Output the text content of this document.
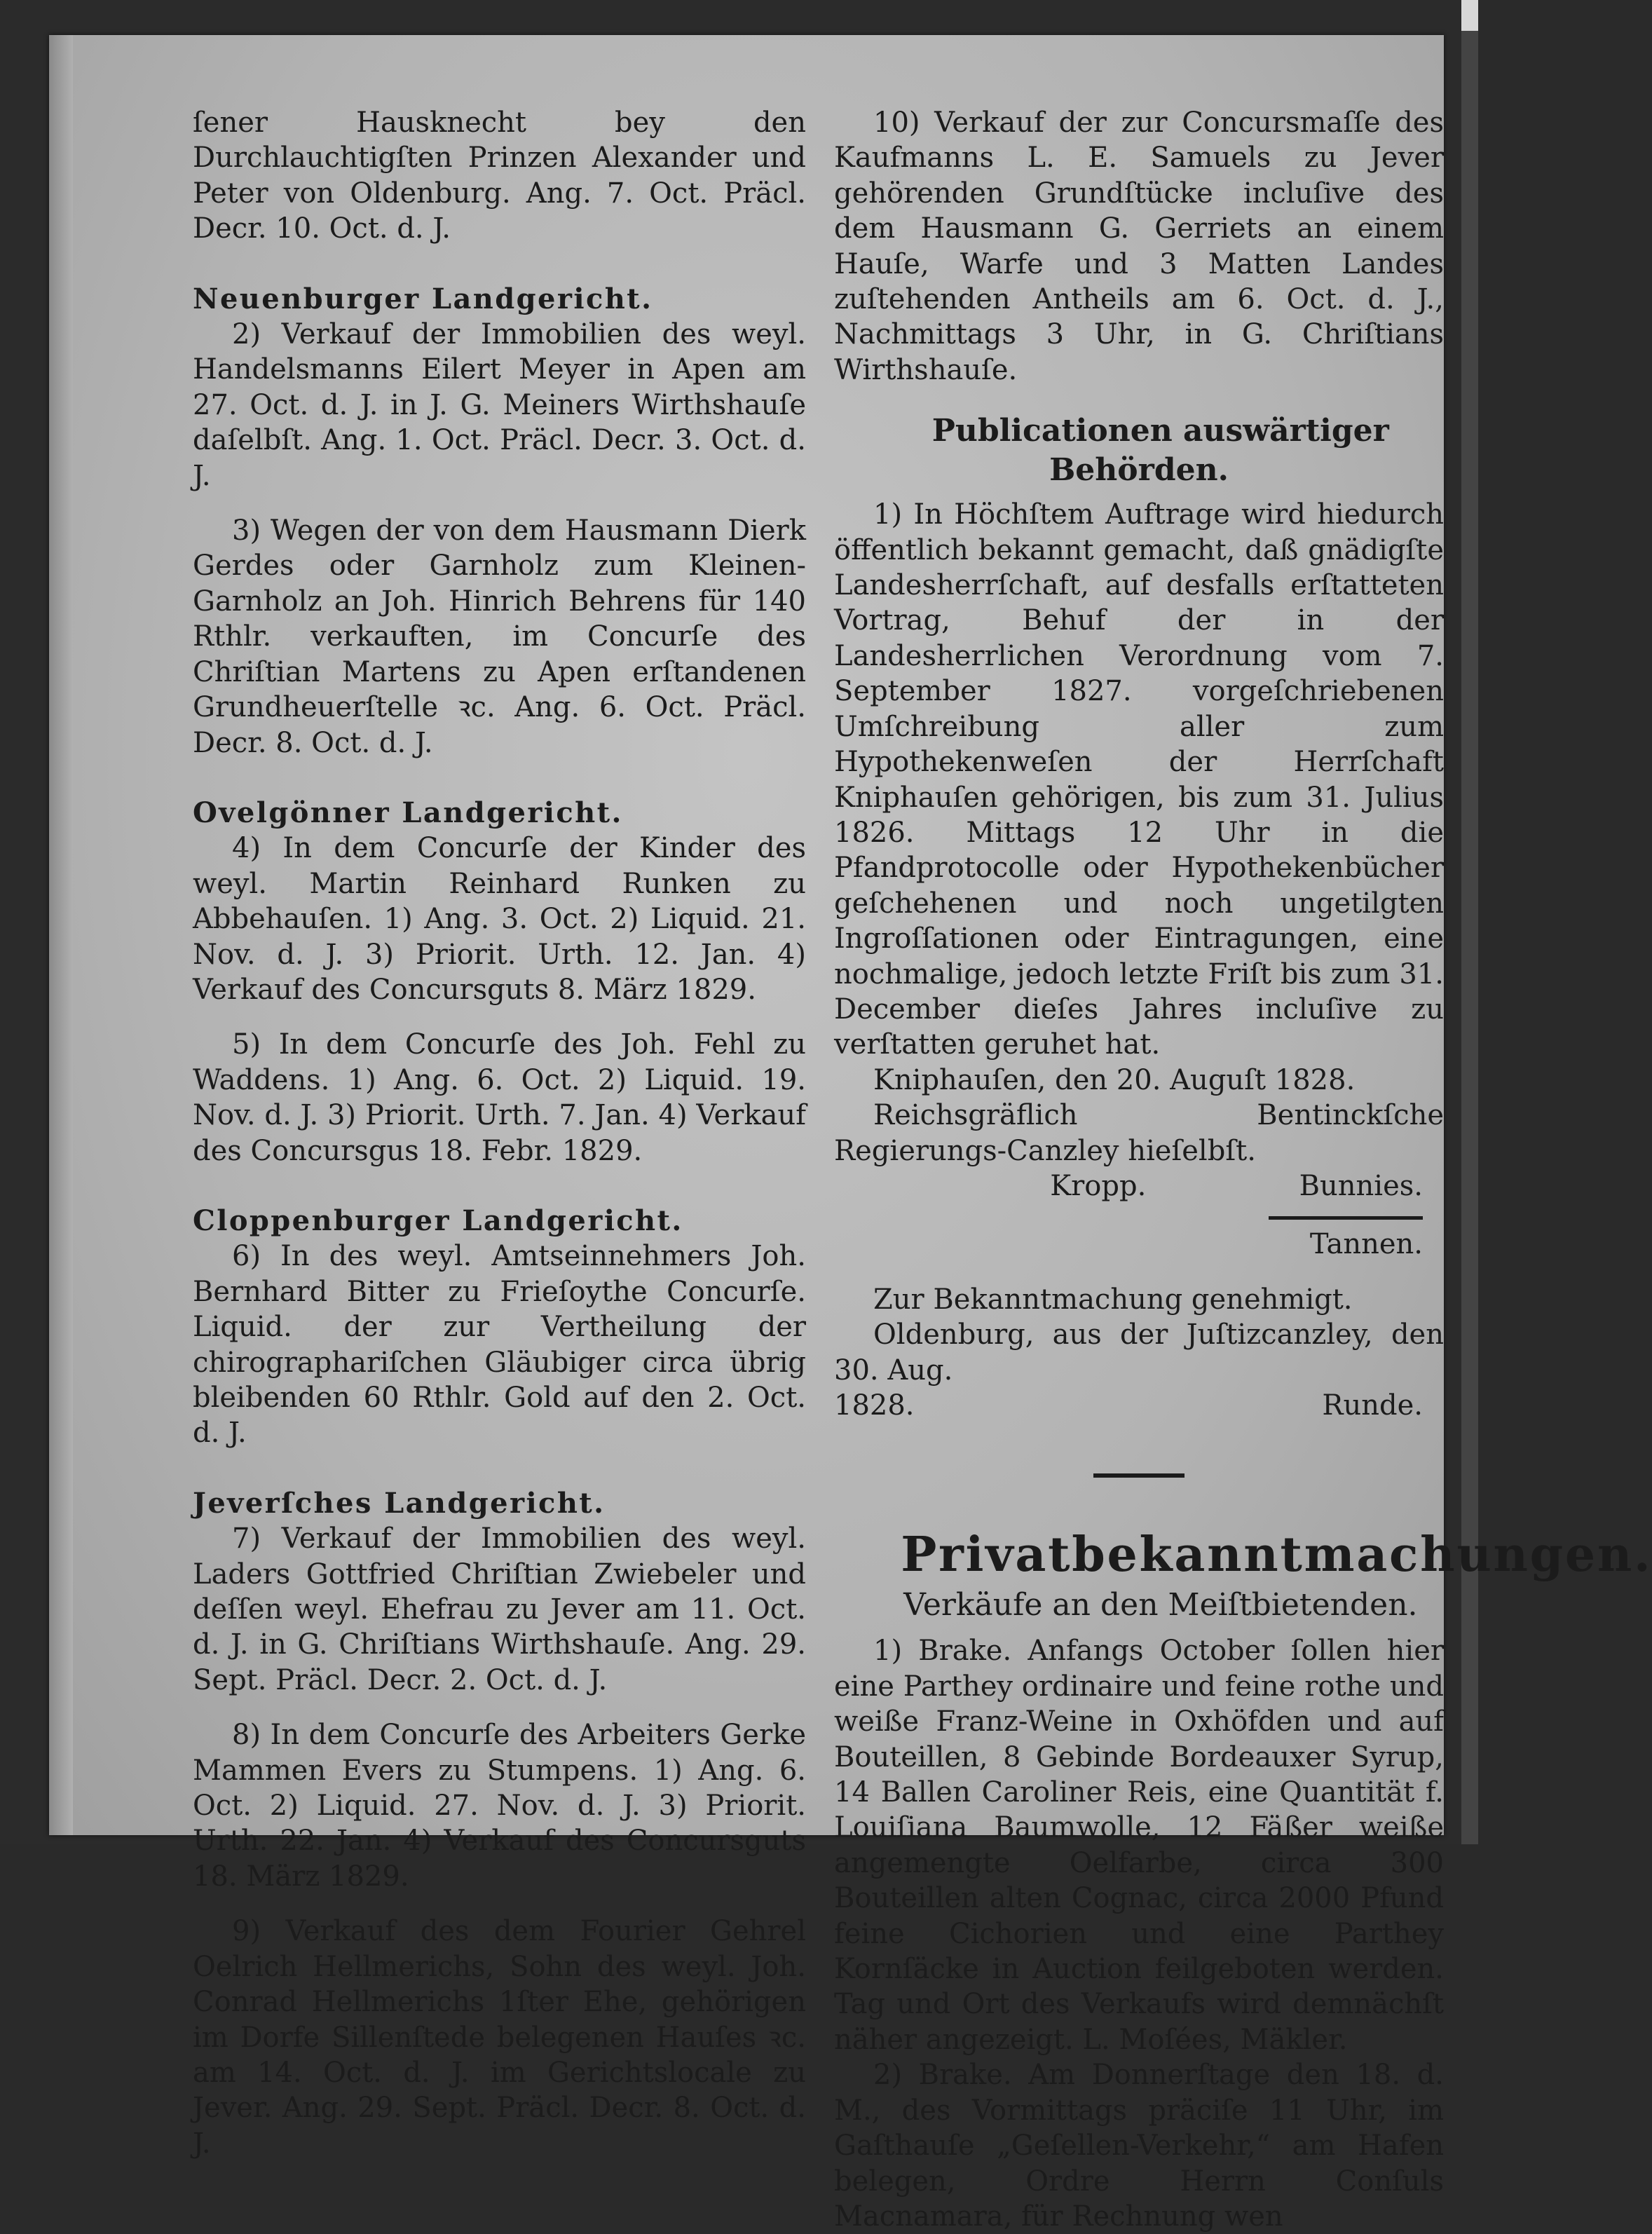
ſener Hausknecht bey den Durchlauchtigſten Prinzen Alexander und Peter von Oldenburg. Ang. 7. Oct. Präcl. Decr. 10. Oct. d. J.

Neuenburger Landgericht.

2) Verkauf der Immobilien des weyl. Handelsmanns Eilert Meyer in Apen am 27. Oct. d. J. in J. G. Meiners Wirthshauſe daſelbſt. Ang. 1. Oct. Präcl. Decr. 3. Oct. d. J.

3) Wegen der von dem Hausmann Dierk Gerdes oder Garnholz zum Kleinen-Garnholz an Joh. Hinrich Behrens für 140 Rthlr. verkauften, im Concurſe des Chriſtian Martens zu Apen erſtandenen Grundheuerſtelle ꝛc. Ang. 6. Oct. Präcl. Decr. 8. Oct. d. J.

Ovelgönner Landgericht.

4) In dem Concurſe der Kinder des weyl. Martin Reinhard Runken zu Abbehauſen. 1) Ang. 3. Oct. 2) Liquid. 21. Nov. d. J. 3) Priorit. Urth. 12. Jan. 4) Verkauf des Concursguts 8. März 1829.

5) In dem Concurſe des Joh. Fehl zu Waddens. 1) Ang. 6. Oct. 2) Liquid. 19. Nov. d. J. 3) Priorit. Urth. 7. Jan. 4) Verkauf des Concursgus 18. Febr. 1829.

Cloppenburger Landgericht.

6) In des weyl. Amtseinnehmers Joh. Bernhard Bitter zu Frieſoythe Concurſe. Liquid. der zur Vertheilung der chirographariſchen Gläubiger circa übrig bleibenden 60 Rthlr. Gold auf den 2. Oct. d. J.

Jeverſches Landgericht.

7) Verkauf der Immobilien des weyl. Laders Gottfried Chriſtian Zwiebeler und deſſen weyl. Ehefrau zu Jever am 11. Oct. d. J. in G. Chriſtians Wirthshauſe. Ang. 29. Sept. Präcl. Decr. 2. Oct. d. J.

8) In dem Concurſe des Arbeiters Gerke Mammen Evers zu Stumpens. 1) Ang. 6. Oct. 2) Liquid. 27. Nov. d. J. 3) Priorit. Urth. 22. Jan. 4) Verkauf des Concursguts 18. März 1829.

9) Verkauf des dem Fourier Gehrel Oelrich Hellmerichs, Sohn des weyl. Joh. Conrad Hellmerichs 1ſter Ehe, gehörigen im Dorfe Sillenſtede belegenen Hauſes ꝛc. am 14. Oct. d. J. im Gerichtslocale zu Jever. Ang. 29. Sept. Präcl. Decr. 8. Oct. d. J.

10) Verkauf der zur Concursmaſſe des Kaufmanns L. E. Samuels zu Jever gehörenden Grundſtücke incluſive des dem Hausmann G. Gerriets an einem Hauſe, Warfe und 3 Matten Landes zuſtehenden Antheils am 6. Oct. d. J., Nachmittags 3 Uhr, in G. Chriſtians Wirthshauſe.

Publicationen auswärtiger Behörden.

1) In Höchſtem Auftrage wird hiedurch öffentlich bekannt gemacht, daß gnädigſte Landesherrſchaft, auf desfalls erſtatteten Vortrag, Behuf der in der Landesherrlichen Verordnung vom 7. September 1827. vorgeſchriebenen Umſchreibung aller zum Hypothekenweſen der Herrſchaft Kniphauſen gehörigen, bis zum 31. Julius 1826. Mittags 12 Uhr in die Pfandprotocolle oder Hypothekenbücher geſchehenen und noch ungetilgten Ingroſſationen oder Eintragungen, eine nochmalige, jedoch letzte Friſt bis zum 31. December dieſes Jahres incluſive zu verſtatten geruhet hat.

Kniphauſen, den 20. Auguſt 1828.

Reichsgräflich Bentinckſche Regierungs-Canzley hieſelbſt.

Kropp.	Bunnies.

Tannen.

Zur Bekanntmachung genehmigt.

Oldenburg, aus der Juſtizcanzley, den 30. Aug.

1828.	Runde.

Privatbekanntmachungen.

Verkäufe an den Meiſtbietenden.

1) Brake. Anfangs October ſollen hier eine Parthey ordinaire und feine rothe und weiße Franz-Weine in Oxhöfden und auf Bouteillen, 8 Gebinde Bordeauxer Syrup, 14 Ballen Caroliner Reis, eine Quantität f. Louiſiana Baumwolle, 12 Fäßer weiße angemengte Oelfarbe, circa 300 Bouteillen alten Cognac, circa 2000 Pfund feine Cichorien und eine Parthey Kornſäcke in Auction feilgeboten werden. Tag und Ort des Verkaufs wird demnächſt näher angezeigt. L. Moſées, Mäkler.

2) Brake. Am Donnerſtage den 18. d. M., des Vormittags präciſe 11 Uhr, im Gaſthauſe „Geſellen-Verkehr,“ am Hafen belegen, Ordre Herrn Conſuls Macnamara, für Rechnung wen
